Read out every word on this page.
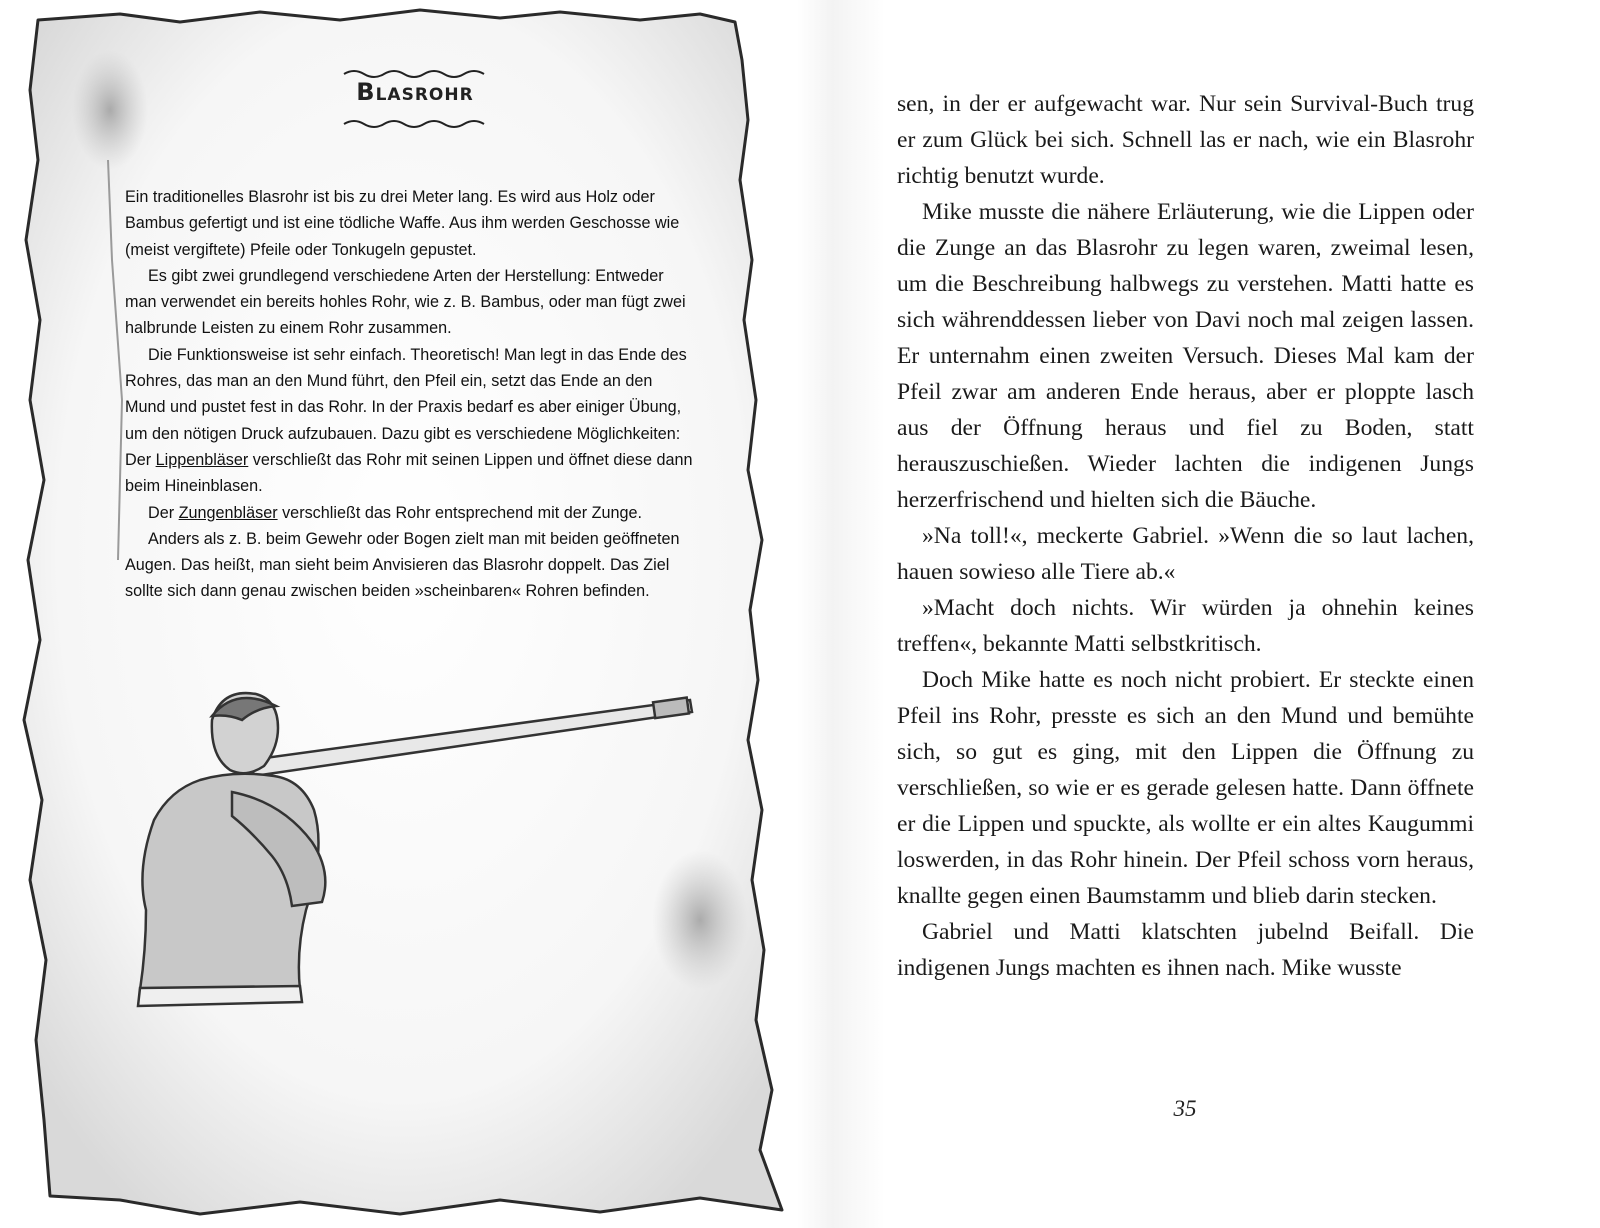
Blasrohr

Ein traditionelles Blasrohr ist bis zu drei Meter lang. Es wird aus Holz oder Bambus gefertigt und ist eine tödliche Waffe. Aus ihm werden Geschosse wie (meist vergiftete) Pfeile oder Tonkugeln gepustet.

Es gibt zwei grundlegend verschiedene Arten der Herstellung: Entweder man verwendet ein bereits hohles Rohr, wie z. B. Bambus, oder man fügt zwei halbrunde Leisten zu einem Rohr zusammen.

Die Funktionsweise ist sehr einfach. Theoretisch! Man legt in das Ende des Rohres, das man an den Mund führt, den Pfeil ein, setzt das Ende an den Mund und pustet fest in das Rohr. In der Praxis bedarf es aber einiger Übung, um den nötigen Druck aufzubauen. Dazu gibt es verschiedene Möglichkeiten: Der Lippenbläser verschließt das Rohr mit seinen Lippen und öffnet diese dann beim Hineinblasen.

Der Zungenbläser verschließt das Rohr entsprechend mit der Zunge.

Anders als z. B. beim Gewehr oder Bogen zielt man mit beiden geöffneten Augen. Das heißt, man sieht beim Anvisieren das Blasrohr doppelt. Das Ziel sollte sich dann genau zwischen beiden »scheinbaren« Rohren befinden.

sen, in der er aufgewacht war. Nur sein Survival-Buch trug er zum Glück bei sich. Schnell las er nach, wie ein Blasrohr richtig benutzt wurde.

Mike musste die nähere Erläuterung, wie die Lippen oder die Zunge an das Blasrohr zu legen waren, zweimal lesen, um die Beschreibung halbwegs zu verstehen. Matti hatte es sich währenddessen lieber von Davi noch mal zeigen lassen. Er unternahm einen zweiten Versuch. Dieses Mal kam der Pfeil zwar am anderen Ende heraus, aber er ploppte lasch aus der Öffnung heraus und fiel zu Boden, statt herauszuschießen. Wieder lachten die indigenen Jungs herzerfrischend und hielten sich die Bäuche.

»Na toll!«, meckerte Gabriel. »Wenn die so laut lachen, hauen sowieso alle Tiere ab.«

»Macht doch nichts. Wir würden ja ohnehin keines treffen«, bekannte Matti selbstkritisch.

Doch Mike hatte es noch nicht probiert. Er steckte einen Pfeil ins Rohr, presste es sich an den Mund und bemühte sich, so gut es ging, mit den Lippen die Öffnung zu verschließen, so wie er es gerade gelesen hatte. Dann öffnete er die Lippen und spuckte, als wollte er ein altes Kaugummi loswerden, in das Rohr hinein. Der Pfeil schoss vorn heraus, knallte gegen einen Baumstamm und blieb darin stecken.

Gabriel und Matti klatschten jubelnd Beifall. Die indigenen Jungs machten es ihnen nach. Mike wusste

35
